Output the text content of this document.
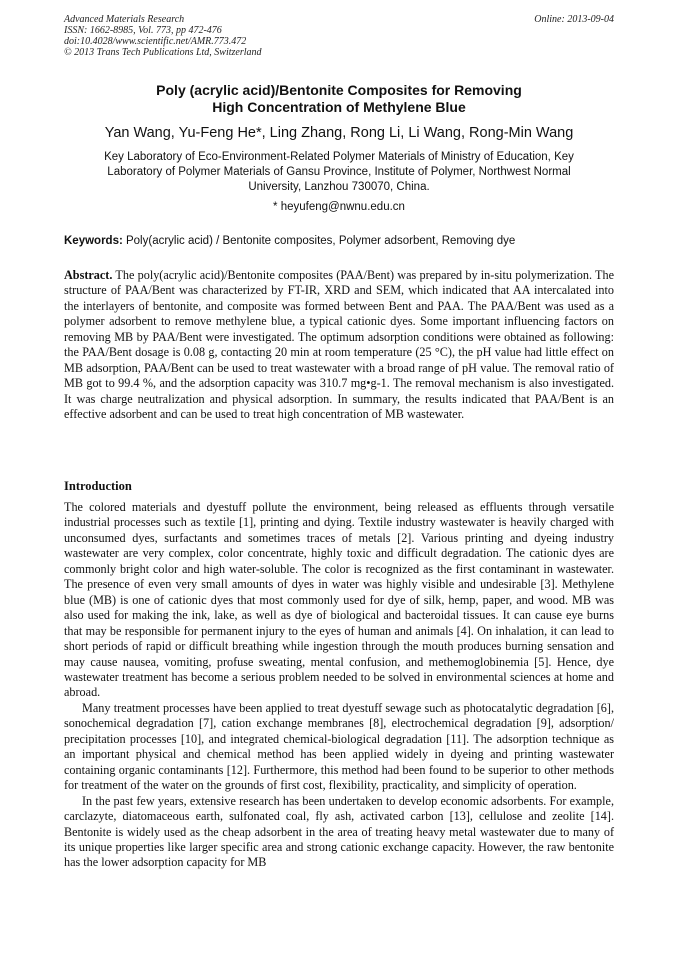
Advanced Materials Research
ISSN: 1662-8985, Vol. 773, pp 472-476
doi:10.4028/www.scientific.net/AMR.773.472
© 2013 Trans Tech Publications Ltd, Switzerland
Online: 2013-09-04
Poly (acrylic acid)/Bentonite Composites for Removing
High Concentration of Methylene Blue
Yan Wang, Yu-Feng He*, Ling Zhang, Rong Li, Li Wang, Rong-Min Wang
Key Laboratory of Eco-Environment-Related Polymer Materials of Ministry of Education, Key Laboratory of Polymer Materials of Gansu Province, Institute of Polymer, Northwest Normal University, Lanzhou 730070, China.
* heyufeng@nwnu.edu.cn
Keywords: Poly(acrylic acid) / Bentonite composites, Polymer adsorbent, Removing dye
Abstract. The poly(acrylic acid)/Bentonite composites (PAA/Bent) was prepared by in-situ polymerization. The structure of PAA/Bent was characterized by FT-IR, XRD and SEM, which indicated that AA intercalated into the interlayers of bentonite, and composite was formed between Bent and PAA. The PAA/Bent was used as a polymer adsorbent to remove methylene blue, a typical cationic dyes. Some important influencing factors on removing MB by PAA/Bent were investigated. The optimum adsorption conditions were obtained as following: the PAA/Bent dosage is 0.08 g, contacting 20 min at room temperature (25 °C), the pH value had little effect on MB adsorption, PAA/Bent can be used to treat wastewater with a broad range of pH value. The removal ratio of MB got to 99.4 %, and the adsorption capacity was 310.7 mg•g-1. The removal mechanism is also investigated. It was charge neutralization and physical adsorption. In summary, the results indicated that PAA/Bent is an effective adsorbent and can be used to treat high concentration of MB wastewater.
Introduction

The colored materials and dyestuff pollute the environment, being released as effluents through versatile industrial processes such as textile [1], printing and dying. Textile industry wastewater is heavily charged with unconsumed dyes, surfactants and sometimes traces of metals [2]. Various printing and dyeing industry wastewater are very complex, color concentrate, highly toxic and difficult degradation. The cationic dyes are commonly bright color and high water-soluble. The color is recognized as the first contaminant in wastewater. The presence of even very small amounts of dyes in water was highly visible and undesirable [3]. Methylene blue (MB) is one of cationic dyes that most commonly used for dye of silk, hemp, paper, and wood. MB was also used for making the ink, lake, as well as dye of biological and bacteroidal tissues. It can cause eye burns that may be responsible for permanent injury to the eyes of human and animals [4]. On inhalation, it can lead to short periods of rapid or difficult breathing while ingestion through the mouth produces burning sensation and may cause nausea, vomiting, profuse sweating, mental confusion, and methemoglobinemia [5]. Hence, dye wastewater treatment has become a serious problem needed to be solved in environmental sciences at home and abroad.

Many treatment processes have been applied to treat dyestuff sewage such as photocatalytic degradation [6], sonochemical degradation [7], cation exchange membranes [8], electrochemical degradation [9], adsorption/ precipitation processes [10], and integrated chemical-biological degradation [11]. The adsorption technique as an important physical and chemical method has been applied widely in dyeing and printing wastewater containing organic contaminants [12]. Furthermore, this method had been found to be superior to other methods for treatment of the water on the grounds of first cost, flexibility, practicality, and simplicity of operation.

In the past few years, extensive research has been undertaken to develop economic adsorbents. For example, carclazyte, diatomaceous earth, sulfonated coal, fly ash, activated carbon [13], cellulose and zeolite [14]. Bentonite is widely used as the cheap adsorbent in the area of treating heavy metal wastewater due to many of its unique properties like larger specific area and strong cationic exchange capacity. However, the raw bentonite has the lower adsorption capacity for MB
